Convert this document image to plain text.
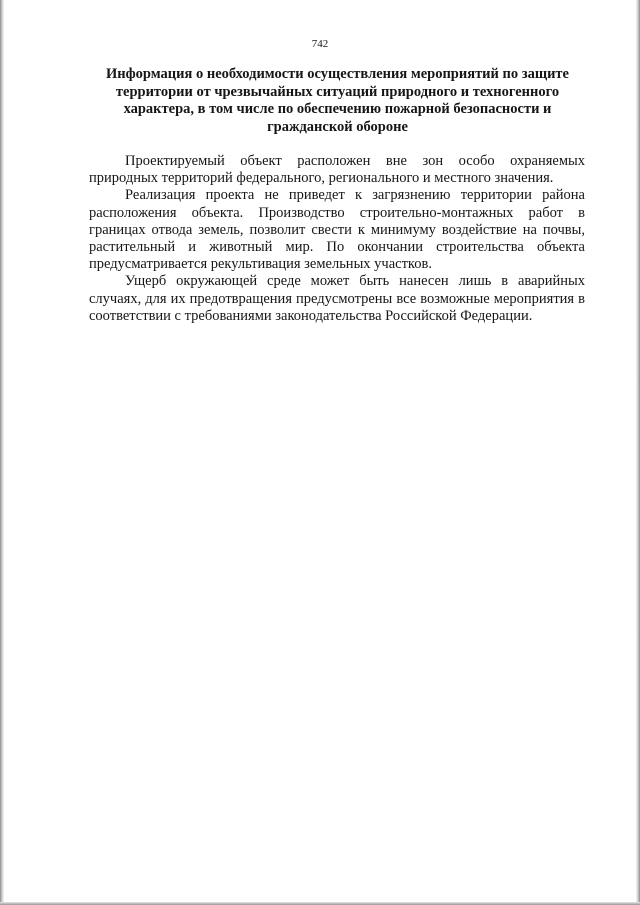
742
Информация о необходимости осуществления мероприятий по защите территории от чрезвычайных ситуаций природного и техногенного характера, в том числе по обеспечению пожарной безопасности и гражданской обороне

Проектируемый объект расположен вне зон особо охраняемых природных территорий федерального, регионального и местного значения.

Реализация проекта не приведет к загрязнению территории района расположения объекта. Производство строительно-монтажных работ в границах отвода земель, позволит свести к минимуму воздействие на почвы, растительный и животный мир. По окончании строительства объекта предусматривается рекультивация земельных участков.

Ущерб окружающей среде может быть нанесен лишь в аварийных случаях, для их предотвращения предусмотрены все возможные мероприятия в соответствии с требованиями законодательства Российской Федерации.
